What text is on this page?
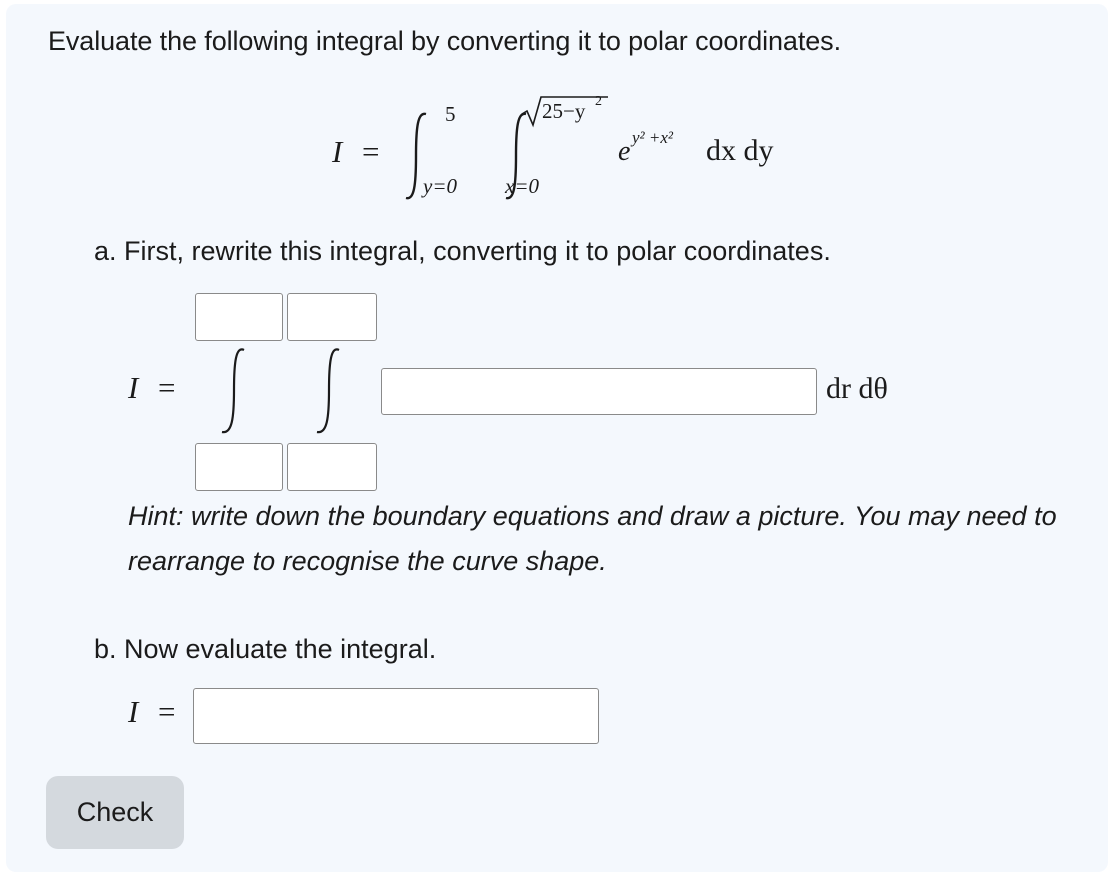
Evaluate the following integral by converting it to polar coordinates.
I =
5
y=0 x=0
25−y 2
e y² +x² dx dy
a. First, rewrite this integral, converting it to polar coordinates.
I =	dr dθ
Hint: write down the boundary equations and draw a picture. You may need to rearrange to recognise the curve shape.
b. Now evaluate the integral.
I =
Check
